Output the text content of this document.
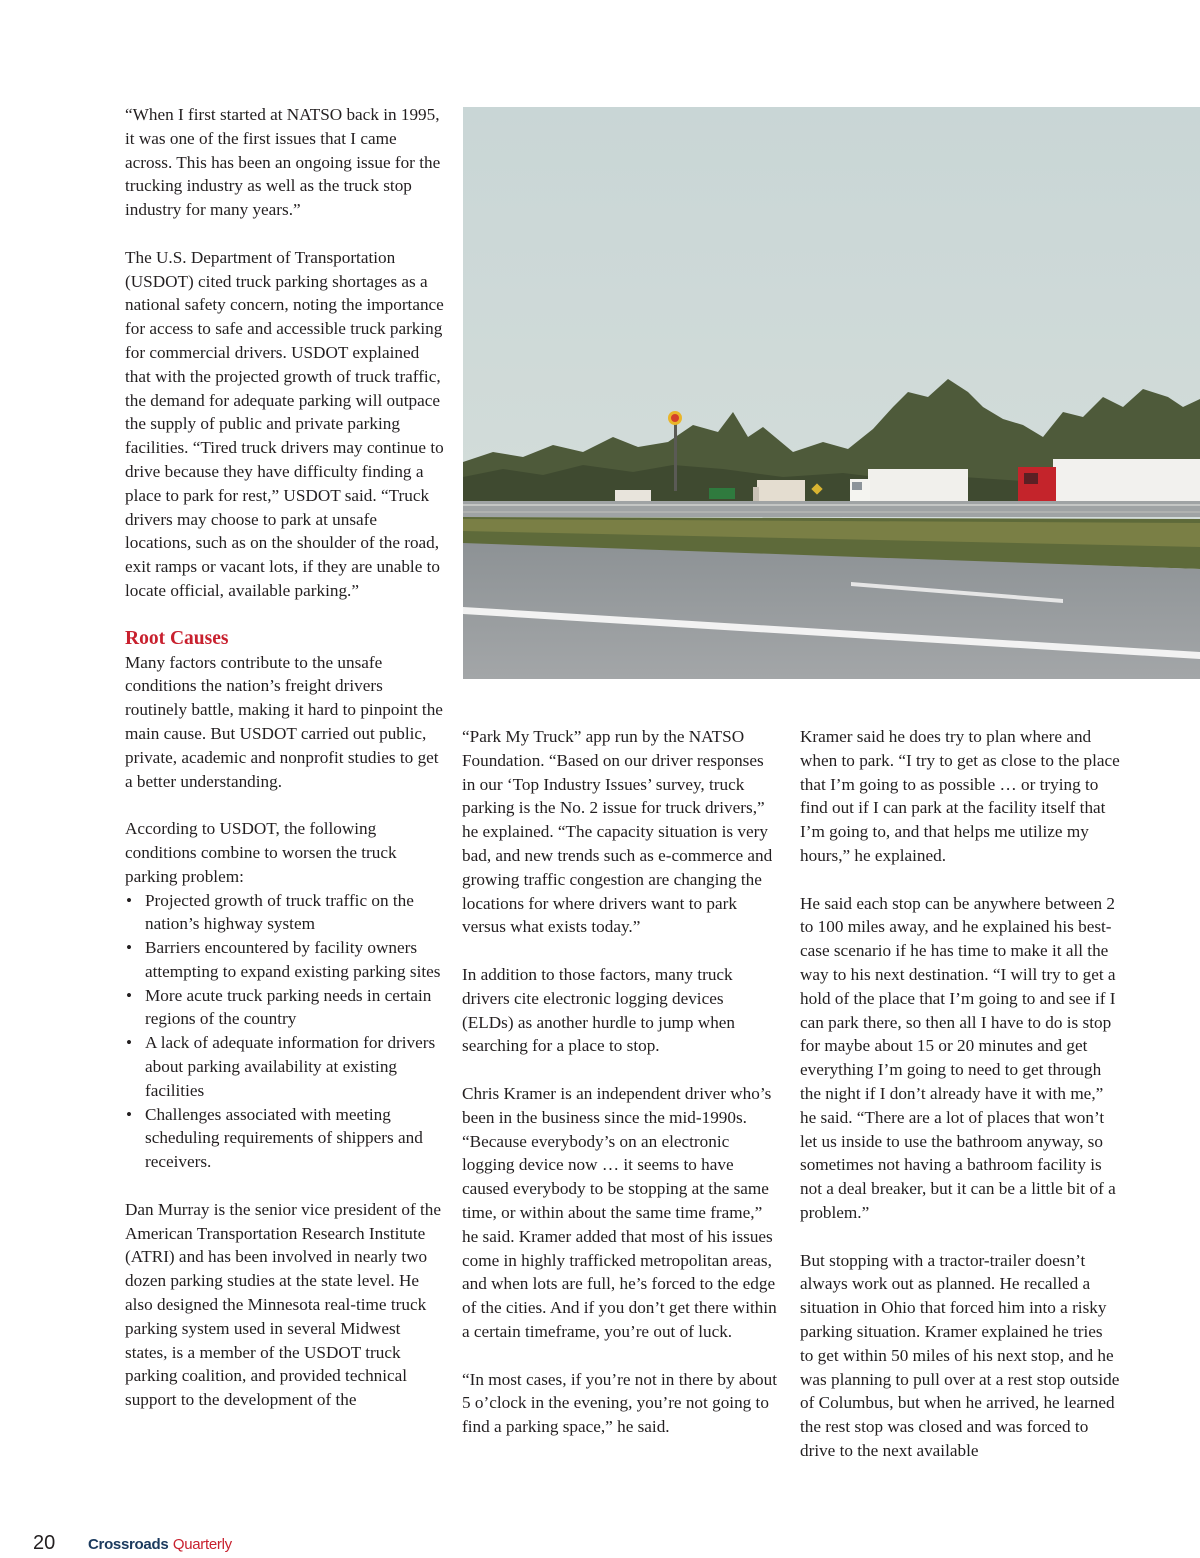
“When I first started at NATSO back in 1995, it was one of the first issues that I came across. This has been an ongoing issue for the trucking industry as well as the truck stop industry for many years.”

The U.S. Department of Transportation (USDOT) cited truck parking shortages as a national safety concern, noting the importance for access to safe and accessible truck parking for commercial drivers. USDOT explained that with the projected growth of truck traffic, the demand for adequate parking will outpace the supply of public and private parking facilities. “Tired truck drivers may continue to drive because they have difficulty finding a place to park for rest,” USDOT said. “Truck drivers may choose to park at unsafe locations, such as on the shoulder of the road, exit ramps or vacant lots, if they are unable to locate official, available parking.”

Root Causes

Many factors contribute to the unsafe conditions the nation’s freight drivers routinely battle, making it hard to pinpoint the main cause. But USDOT carried out public, private, academic and nonprofit studies to get a better understanding.

According to USDOT, the following conditions combine to worsen the truck parking problem:

• Projected growth of truck traffic on the nation’s highway system
• Barriers encountered by facility owners attempting to expand existing parking sites
• More acute truck parking needs in certain regions of the country
• A lack of adequate information for drivers about parking availability at existing facilities
• Challenges associated with meeting scheduling requirements of shippers and receivers.

Dan Murray is the senior vice president of the American Transportation Research Institute (ATRI) and has been involved in nearly two dozen parking studies at the state level. He also designed the Minnesota real-time truck parking system used in several Midwest states, is a member of the USDOT truck parking coalition, and provided technical support to the development of the

“Park My Truck” app run by the NATSO Foundation. “Based on our driver responses in our ‘Top Industry Issues’ survey, truck parking is the No. 2 issue for truck drivers,” he explained. “The capacity situation is very bad, and new trends such as e-commerce and growing traffic congestion are changing the locations for where drivers want to park versus what exists today.”

In addition to those factors, many truck drivers cite electronic logging devices (ELDs) as another hurdle to jump when searching for a place to stop.

Chris Kramer is an independent driver who’s been in the business since the mid-1990s. “Because everybody’s on an electronic logging device now … it seems to have caused everybody to be stopping at the same time, or within about the same time frame,” he said. Kramer added that most of his issues come in highly trafficked metropolitan areas, and when lots are full, he’s forced to the edge of the cities. And if you don’t get there within a certain timeframe, you’re out of luck.

“In most cases, if you’re not in there by about 5 o’clock in the evening, you’re not going to find a parking space,” he said.

Kramer said he does try to plan where and when to park. “I try to get as close to the place that I’m going to as possible … or trying to find out if I can park at the facility itself that I’m going to, and that helps me utilize my hours,” he explained.

He said each stop can be anywhere between 2 to 100 miles away, and he explained his best-case scenario if he has time to make it all the way to his next destination. “I will try to get a hold of the place that I’m going to and see if I can park there, so then all I have to do is stop for maybe about 15 or 20 minutes and get everything I’m going to need to get through the night if I don’t already have it with me,” he said. “There are a lot of places that won’t let us inside to use the bathroom anyway, so sometimes not having a bathroom facility is not a deal breaker, but it can be a little bit of a problem.”

But stopping with a tractor-trailer doesn’t always work out as planned. He recalled a situation in Ohio that forced him into a risky parking situation. Kramer explained he tries to get within 50 miles of his next stop, and he was planning to pull over at a rest stop outside of Columbus, but when he arrived, he learned the rest stop was closed and was forced to drive to the next available

20 Crossroads Quarterly
